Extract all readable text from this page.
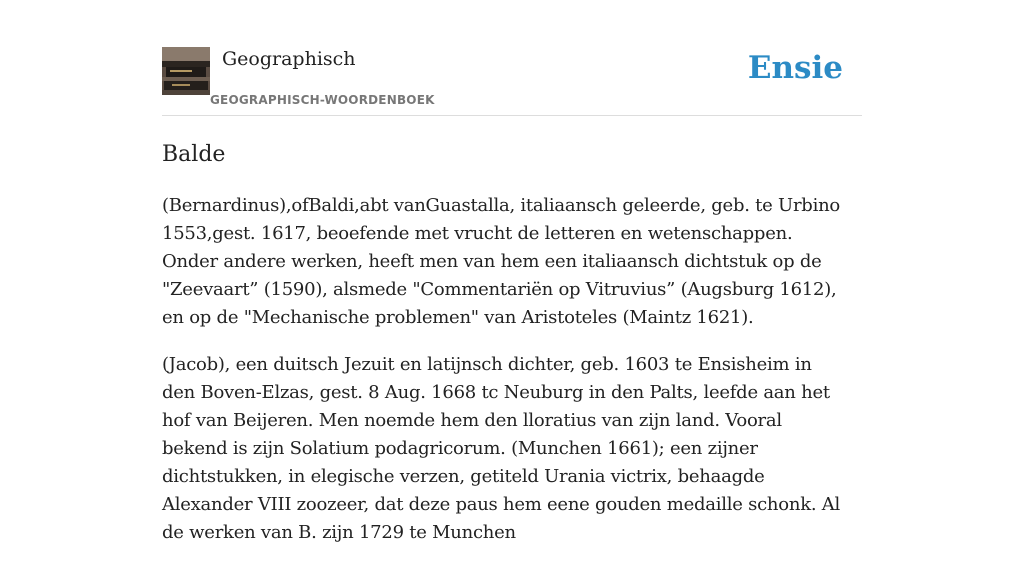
Geographisch
GEOGRAPHISCH-WOORDENBOEK
Ensie
Balde

(Bernardinus),ofBaldi,abt vanGuastalla, italiaansch geleerde, geb. te Urbino 1553,gest. 1617, beoefende met vrucht de letteren en wetenschappen. Onder andere werken, heeft men van hem een italiaansch dichtstuk op de "Zeevaart” (1590), alsmede "Commentariën op Vitruvius” (Augsburg 1612), en op de "Mechanische problemen" van Aristoteles (Maintz 1621).

(Jacob), een duitsch Jezuit en latijnsch dichter, geb. 1603 te Ensisheim in den Boven-Elzas, gest. 8 Aug. 1668 tc Neuburg in den Palts, leefde aan het hof van Beijeren. Men noemde hem den lloratius van zijn land. Vooral bekend is zijn Solatium podagricorum. (Munchen 1661); een zijner dichtstukken, in elegische verzen, getiteld Urania victrix, behaagde Alexander VIII zoozeer, dat deze paus hem eene gouden medaille schonk. Al de werken van B. zijn 1729 te Munchen
